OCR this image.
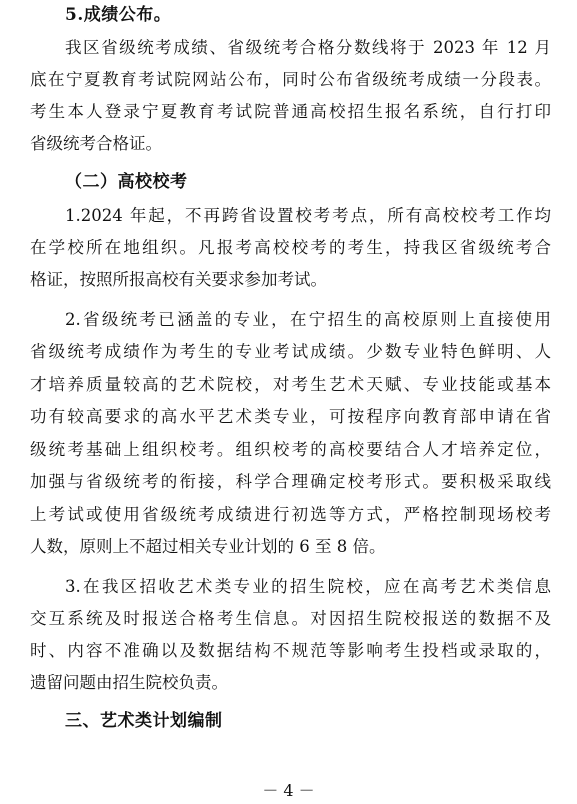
5.成绩公布。
我区省级统考成绩、省级统考合格分数线将于 2023 年 12 月
底在宁夏教育考试院网站公布，同时公布省级统考成绩一分段表。
考生本人登录宁夏教育考试院普通高校招生报名系统，自行打印
省级统考合格证。
（二）高校校考
1.2024 年起，不再跨省设置校考考点，所有高校校考工作均
在学校所在地组织。凡报考高校校考的考生，持我区省级统考合
格证，按照所报高校有关要求参加考试。
2.省级统考已涵盖的专业，在宁招生的高校原则上直接使用
省级统考成绩作为考生的专业考试成绩。少数专业特色鲜明、人
才培养质量较高的艺术院校，对考生艺术天赋、专业技能或基本
功有较高要求的高水平艺术类专业，可按程序向教育部申请在省
级统考基础上组织校考。组织校考的高校要结合人才培养定位，
加强与省级统考的衔接，科学合理确定校考形式。要积极采取线
上考试或使用省级统考成绩进行初选等方式，严格控制现场校考
人数，原则上不超过相关专业计划的 6 至 8 倍。
3.在我区招收艺术类专业的招生院校，应在高考艺术类信息
交互系统及时报送合格考生信息。对因招生院校报送的数据不及
时、内容不准确以及数据结构不规范等影响考生投档或录取的，
遗留问题由招生院校负责。
三、艺术类计划编制
－ 4 －
